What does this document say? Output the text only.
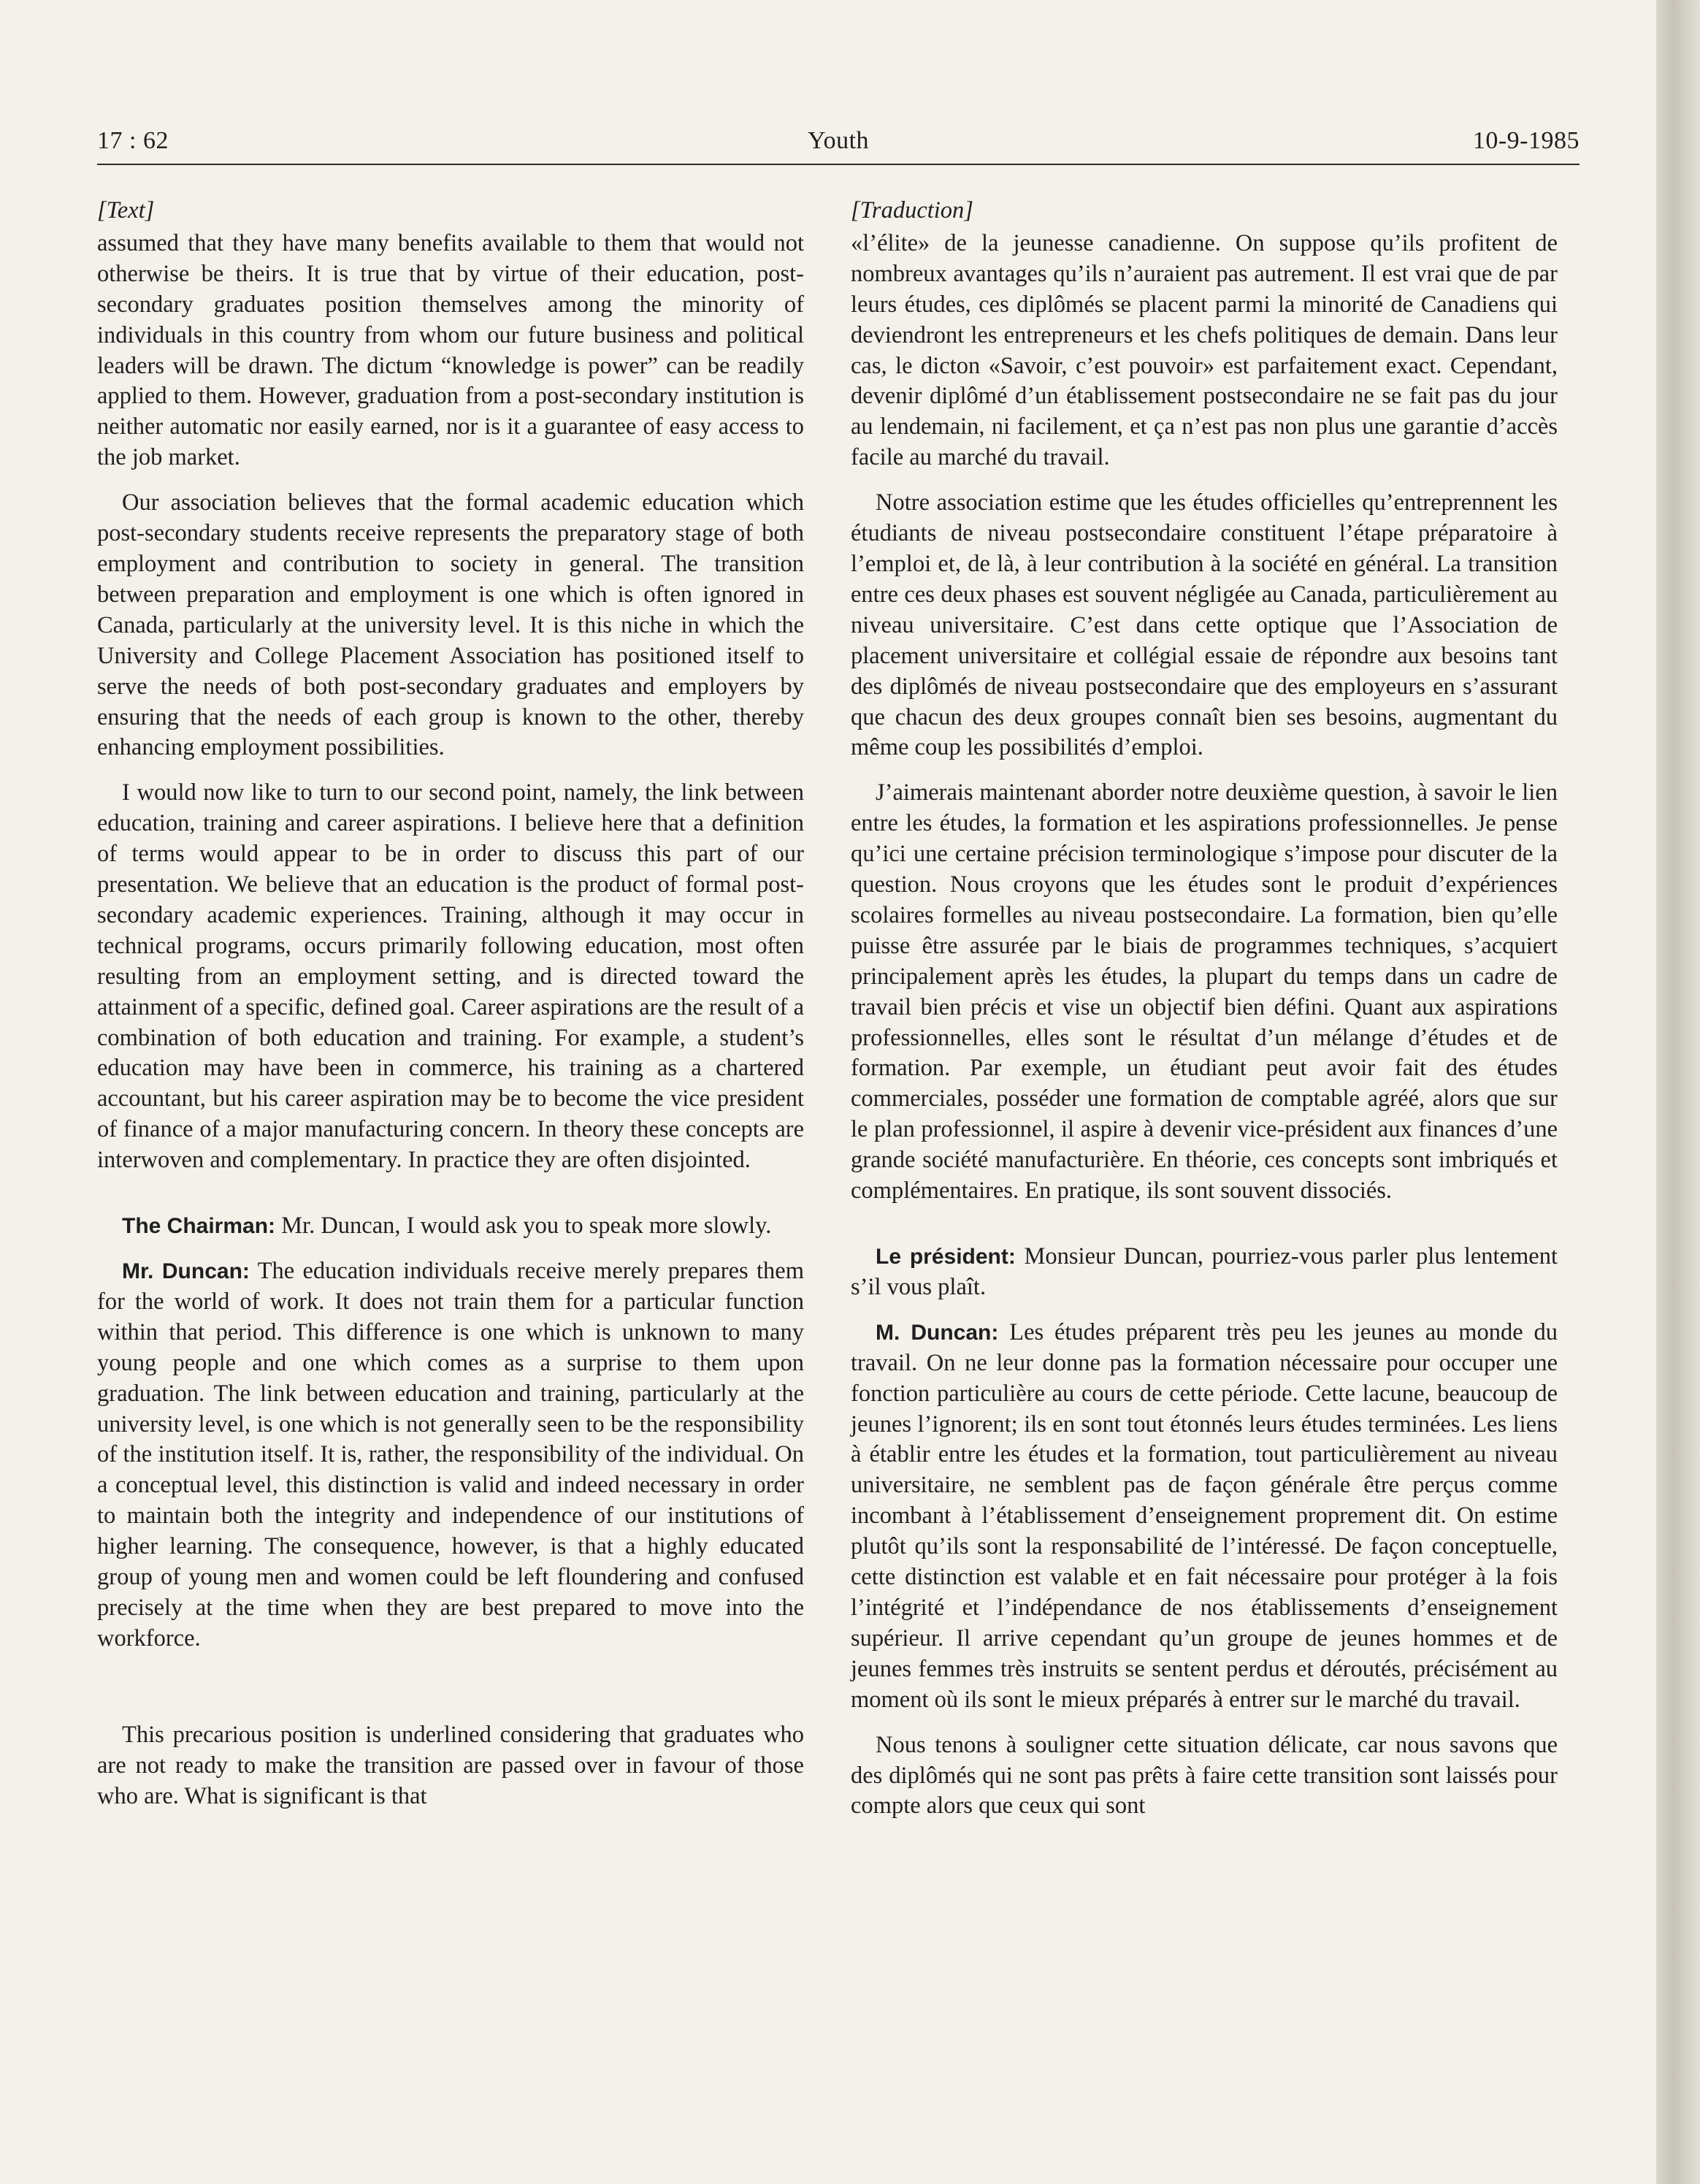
17 : 62	Youth	10-9-1985
[Text]

assumed that they have many benefits available to them that would not otherwise be theirs. It is true that by virtue of their education, post-secondary graduates position themselves among the minority of individuals in this country from whom our future business and political leaders will be drawn. The dictum “knowledge is power” can be readily applied to them. However, graduation from a post-secondary institution is neither automatic nor easily earned, nor is it a guarantee of easy access to the job market.

Our association believes that the formal academic education which post-secondary students receive represents the preparatory stage of both employment and contribution to society in general. The transition between preparation and employment is one which is often ignored in Canada, particularly at the university level. It is this niche in which the University and College Placement Association has positioned itself to serve the needs of both post-secondary graduates and employers by ensuring that the needs of each group is known to the other, thereby enhancing employment possibilities.

I would now like to turn to our second point, namely, the link between education, training and career aspirations. I believe here that a definition of terms would appear to be in order to discuss this part of our presentation. We believe that an education is the product of formal post-secondary academic experiences. Training, although it may occur in technical programs, occurs primarily following education, most often resulting from an employment setting, and is directed toward the attainment of a specific, defined goal. Career aspirations are the result of a combination of both education and training. For example, a student’s education may have been in commerce, his training as a chartered accountant, but his career aspiration may be to become the vice president of finance of a major manufacturing concern. In theory these concepts are interwoven and complementary. In practice they are often disjointed.

The Chairman: Mr. Duncan, I would ask you to speak more slowly.

Mr. Duncan: The education individuals receive merely prepares them for the world of work. It does not train them for a particular function within that period. This difference is one which is unknown to many young people and one which comes as a surprise to them upon graduation. The link between education and training, particularly at the university level, is one which is not generally seen to be the responsibility of the institution itself. It is, rather, the responsibility of the individual. On a conceptual level, this distinction is valid and indeed necessary in order to maintain both the integrity and independence of our institutions of higher learning. The consequence, however, is that a highly educated group of young men and women could be left floundering and confused precisely at the time when they are best prepared to move into the workforce.

This precarious position is underlined considering that graduates who are not ready to make the transition are passed over in favour of those who are. What is significant is that

[Traduction]

«l’élite» de la jeunesse canadienne. On suppose qu’ils profitent de nombreux avantages qu’ils n’auraient pas autrement. Il est vrai que de par leurs études, ces diplômés se placent parmi la minorité de Canadiens qui deviendront les entrepreneurs et les chefs politiques de demain. Dans leur cas, le dicton «Savoir, c’est pouvoir» est parfaitement exact. Cependant, devenir diplômé d’un établissement postsecondaire ne se fait pas du jour au lendemain, ni facilement, et ça n’est pas non plus une garantie d’accès facile au marché du travail.

Notre association estime que les études officielles qu’entreprennent les étudiants de niveau postsecondaire constituent l’étape préparatoire à l’emploi et, de là, à leur contribution à la société en général. La transition entre ces deux phases est souvent négligée au Canada, particulièrement au niveau universitaire. C’est dans cette optique que l’Association de placement universitaire et collégial essaie de répondre aux besoins tant des diplômés de niveau postsecondaire que des employeurs en s’assurant que chacun des deux groupes connaît bien ses besoins, augmentant du même coup les possibilités d’emploi.

J’aimerais maintenant aborder notre deuxième question, à savoir le lien entre les études, la formation et les aspirations professionnelles. Je pense qu’ici une certaine précision terminologique s’impose pour discuter de la question. Nous croyons que les études sont le produit d’expériences scolaires formelles au niveau postsecondaire. La formation, bien qu’elle puisse être assurée par le biais de programmes techniques, s’acquiert principalement après les études, la plupart du temps dans un cadre de travail bien précis et vise un objectif bien défini. Quant aux aspirations professionnelles, elles sont le résultat d’un mélange d’études et de formation. Par exemple, un étudiant peut avoir fait des études commerciales, posséder une formation de comptable agréé, alors que sur le plan professionnel, il aspire à devenir vice-président aux finances d’une grande société manufacturière. En théorie, ces concepts sont imbriqués et complémentaires. En pratique, ils sont souvent dissociés.

Le président: Monsieur Duncan, pourriez-vous parler plus lentement s’il vous plaît.

M. Duncan: Les études préparent très peu les jeunes au monde du travail. On ne leur donne pas la formation nécessaire pour occuper une fonction particulière au cours de cette période. Cette lacune, beaucoup de jeunes l’ignorent; ils en sont tout étonnés leurs études terminées. Les liens à établir entre les études et la formation, tout particulièrement au niveau universitaire, ne semblent pas de façon générale être perçus comme incombant à l’établissement d’enseignement proprement dit. On estime plutôt qu’ils sont la responsabilité de l’intéressé. De façon conceptuelle, cette distinction est valable et en fait nécessaire pour protéger à la fois l’intégrité et l’indépendance de nos établissements d’enseignement supérieur. Il arrive cependant qu’un groupe de jeunes hommes et de jeunes femmes très instruits se sentent perdus et déroutés, précisément au moment où ils sont le mieux préparés à entrer sur le marché du travail.

Nous tenons à souligner cette situation délicate, car nous savons que des diplômés qui ne sont pas prêts à faire cette transition sont laissés pour compte alors que ceux qui sont
